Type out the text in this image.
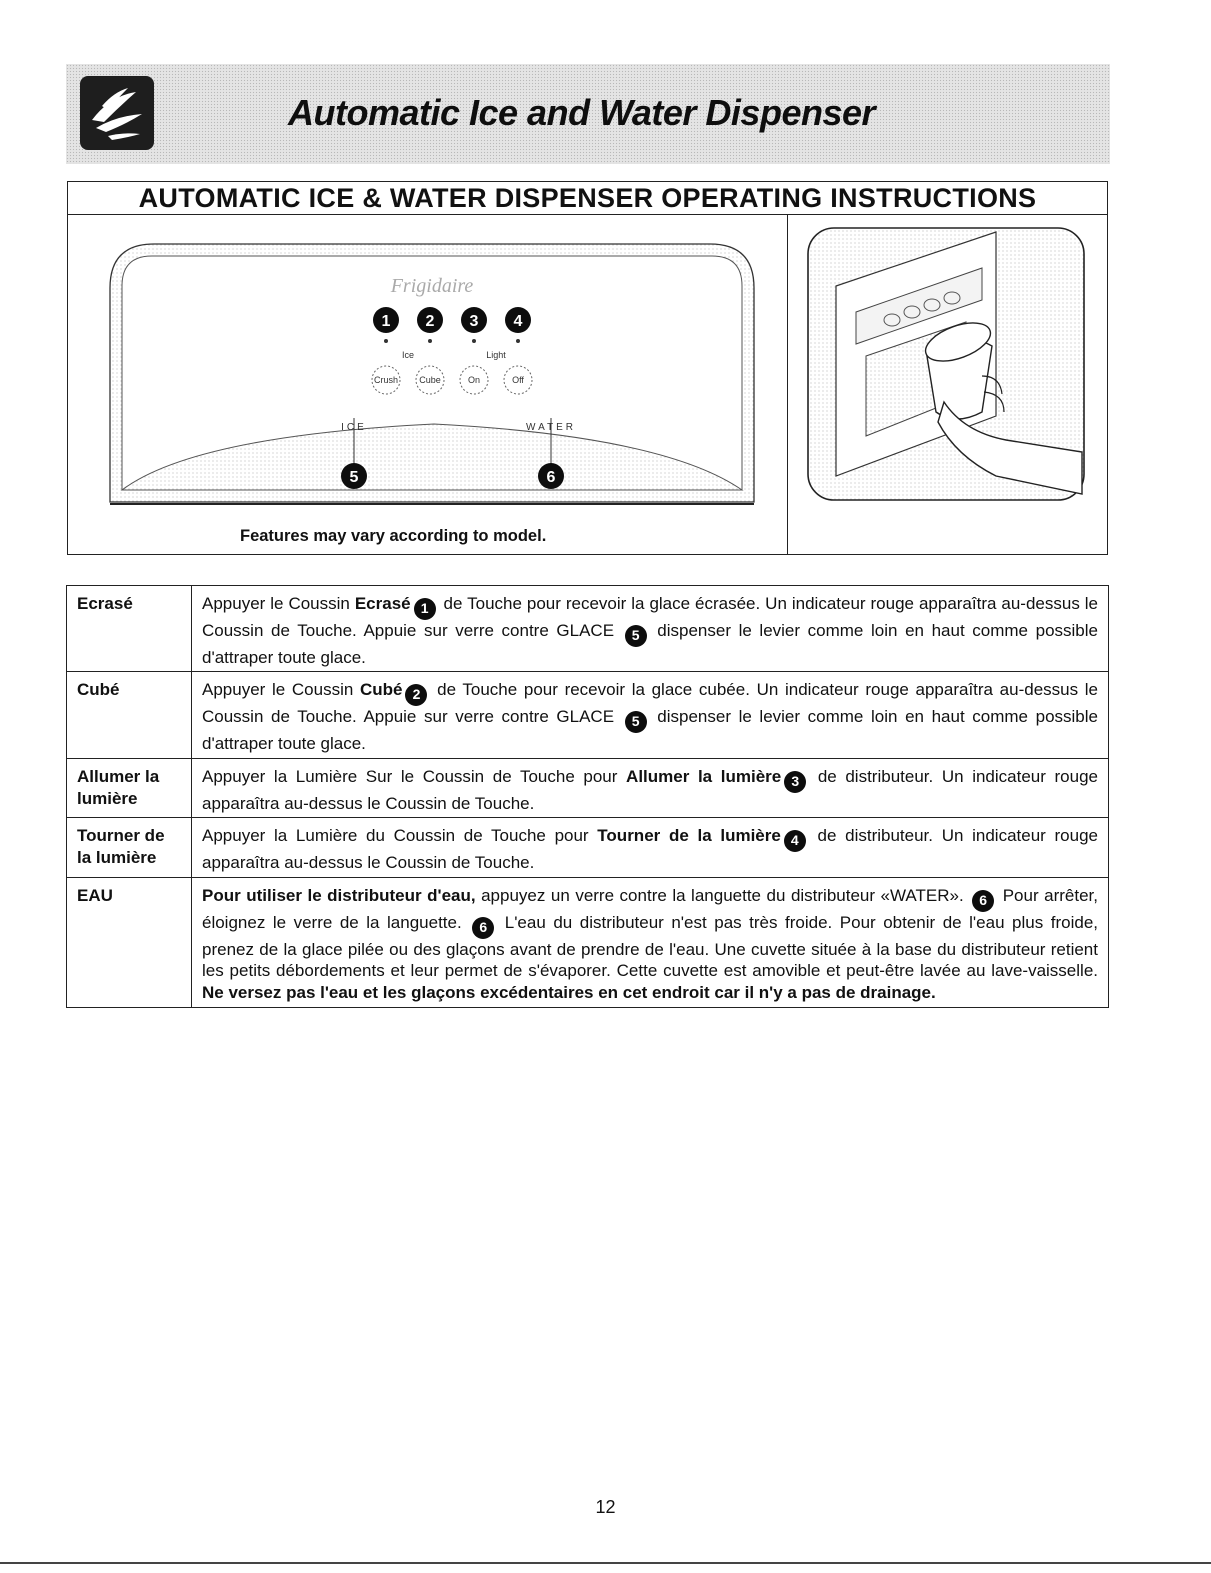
Automatic Ice and Water Dispenser
AUTOMATIC ICE & WATER DISPENSER OPERATING INSTRUCTIONS
Frigidaire
1 2 3 4
Ice	Light
Crush Cube	On	Off
ICE	WATER
5	6
Features may vary according to model.
Ecrasé	Appuyer le Coussin Ecrasé 1 de Touche pour recevoir la glace écrasée. Un indicateur rouge apparaîtra au-dessus le Coussin de Touche. Appuie sur verre contre GLACE 5 dispenser le levier comme loin en haut comme possible d'attraper toute glace.
Cubé	Appuyer le Coussin Cubé 2 de Touche pour recevoir la glace cubée. Un indicateur rouge apparaîtra au-dessus le Coussin de Touche. Appuie sur verre contre GLACE 5 dispenser le levier comme loin en haut comme possible d'attraper toute glace.
Allumer la lumière	Appuyer la Lumière Sur le Coussin de Touche pour Allumer la lumière 3 de distributeur. Un indicateur rouge apparaîtra au-dessus le Coussin de Touche.
Tourner de la lumière	Appuyer la Lumière du Coussin de Touche pour Tourner de la lumière 4 de distributeur. Un indicateur rouge apparaîtra au-dessus le Coussin de Touche.
EAU	Pour utiliser le distributeur d'eau, appuyez un verre contre la languette du distributeur «WATER». 6 Pour arrêter, éloignez le verre de la languette. 6 L'eau du distributeur n'est pas très froide. Pour obtenir de l'eau plus froide, prenez de la glace pilée ou des glaçons avant de prendre de l'eau. Une cuvette située à la base du distributeur retient les petits débordements et leur permet de s'évaporer. Cette cuvette est amovible et peut-être lavée au lave-vaisselle. Ne versez pas l'eau et les glaçons excédentaires en cet endroit car il n'y a pas de drainage.
12
